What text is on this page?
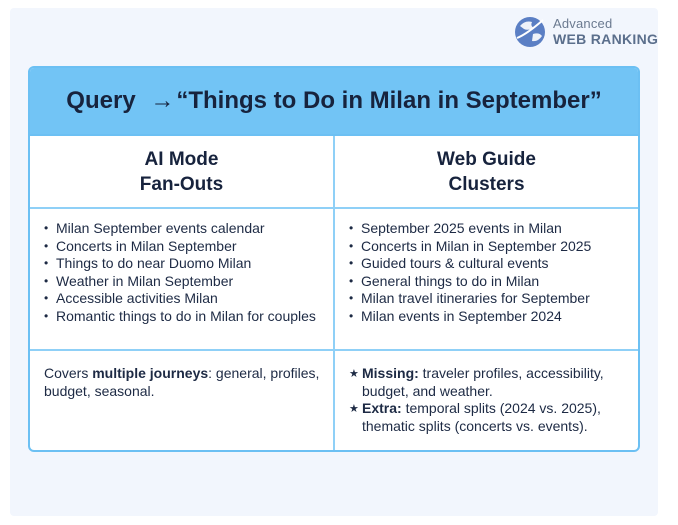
Advanced
WEB RANKING
Query →“Things to Do in Milan in September”
AI Mode
Fan-Outs
Web Guide
Clusters
• Milan September events calendar
• Concerts in Milan September
• Things to do near Duomo Milan
• Weather in Milan September
• Accessible activities Milan
• Romantic things to do in Milan for couples
• September 2025 events in Milan
• Concerts in Milan in September 2025
• Guided tours & cultural events
• General things to do in Milan
• Milan travel itineraries for September
• Milan events in September 2024
Covers multiple journeys: general, profiles, budget, seasonal.
★ Missing: traveler profiles, accessibility, budget, and weather.
★ Extra: temporal splits (2024 vs. 2025), thematic splits (concerts vs. events).
